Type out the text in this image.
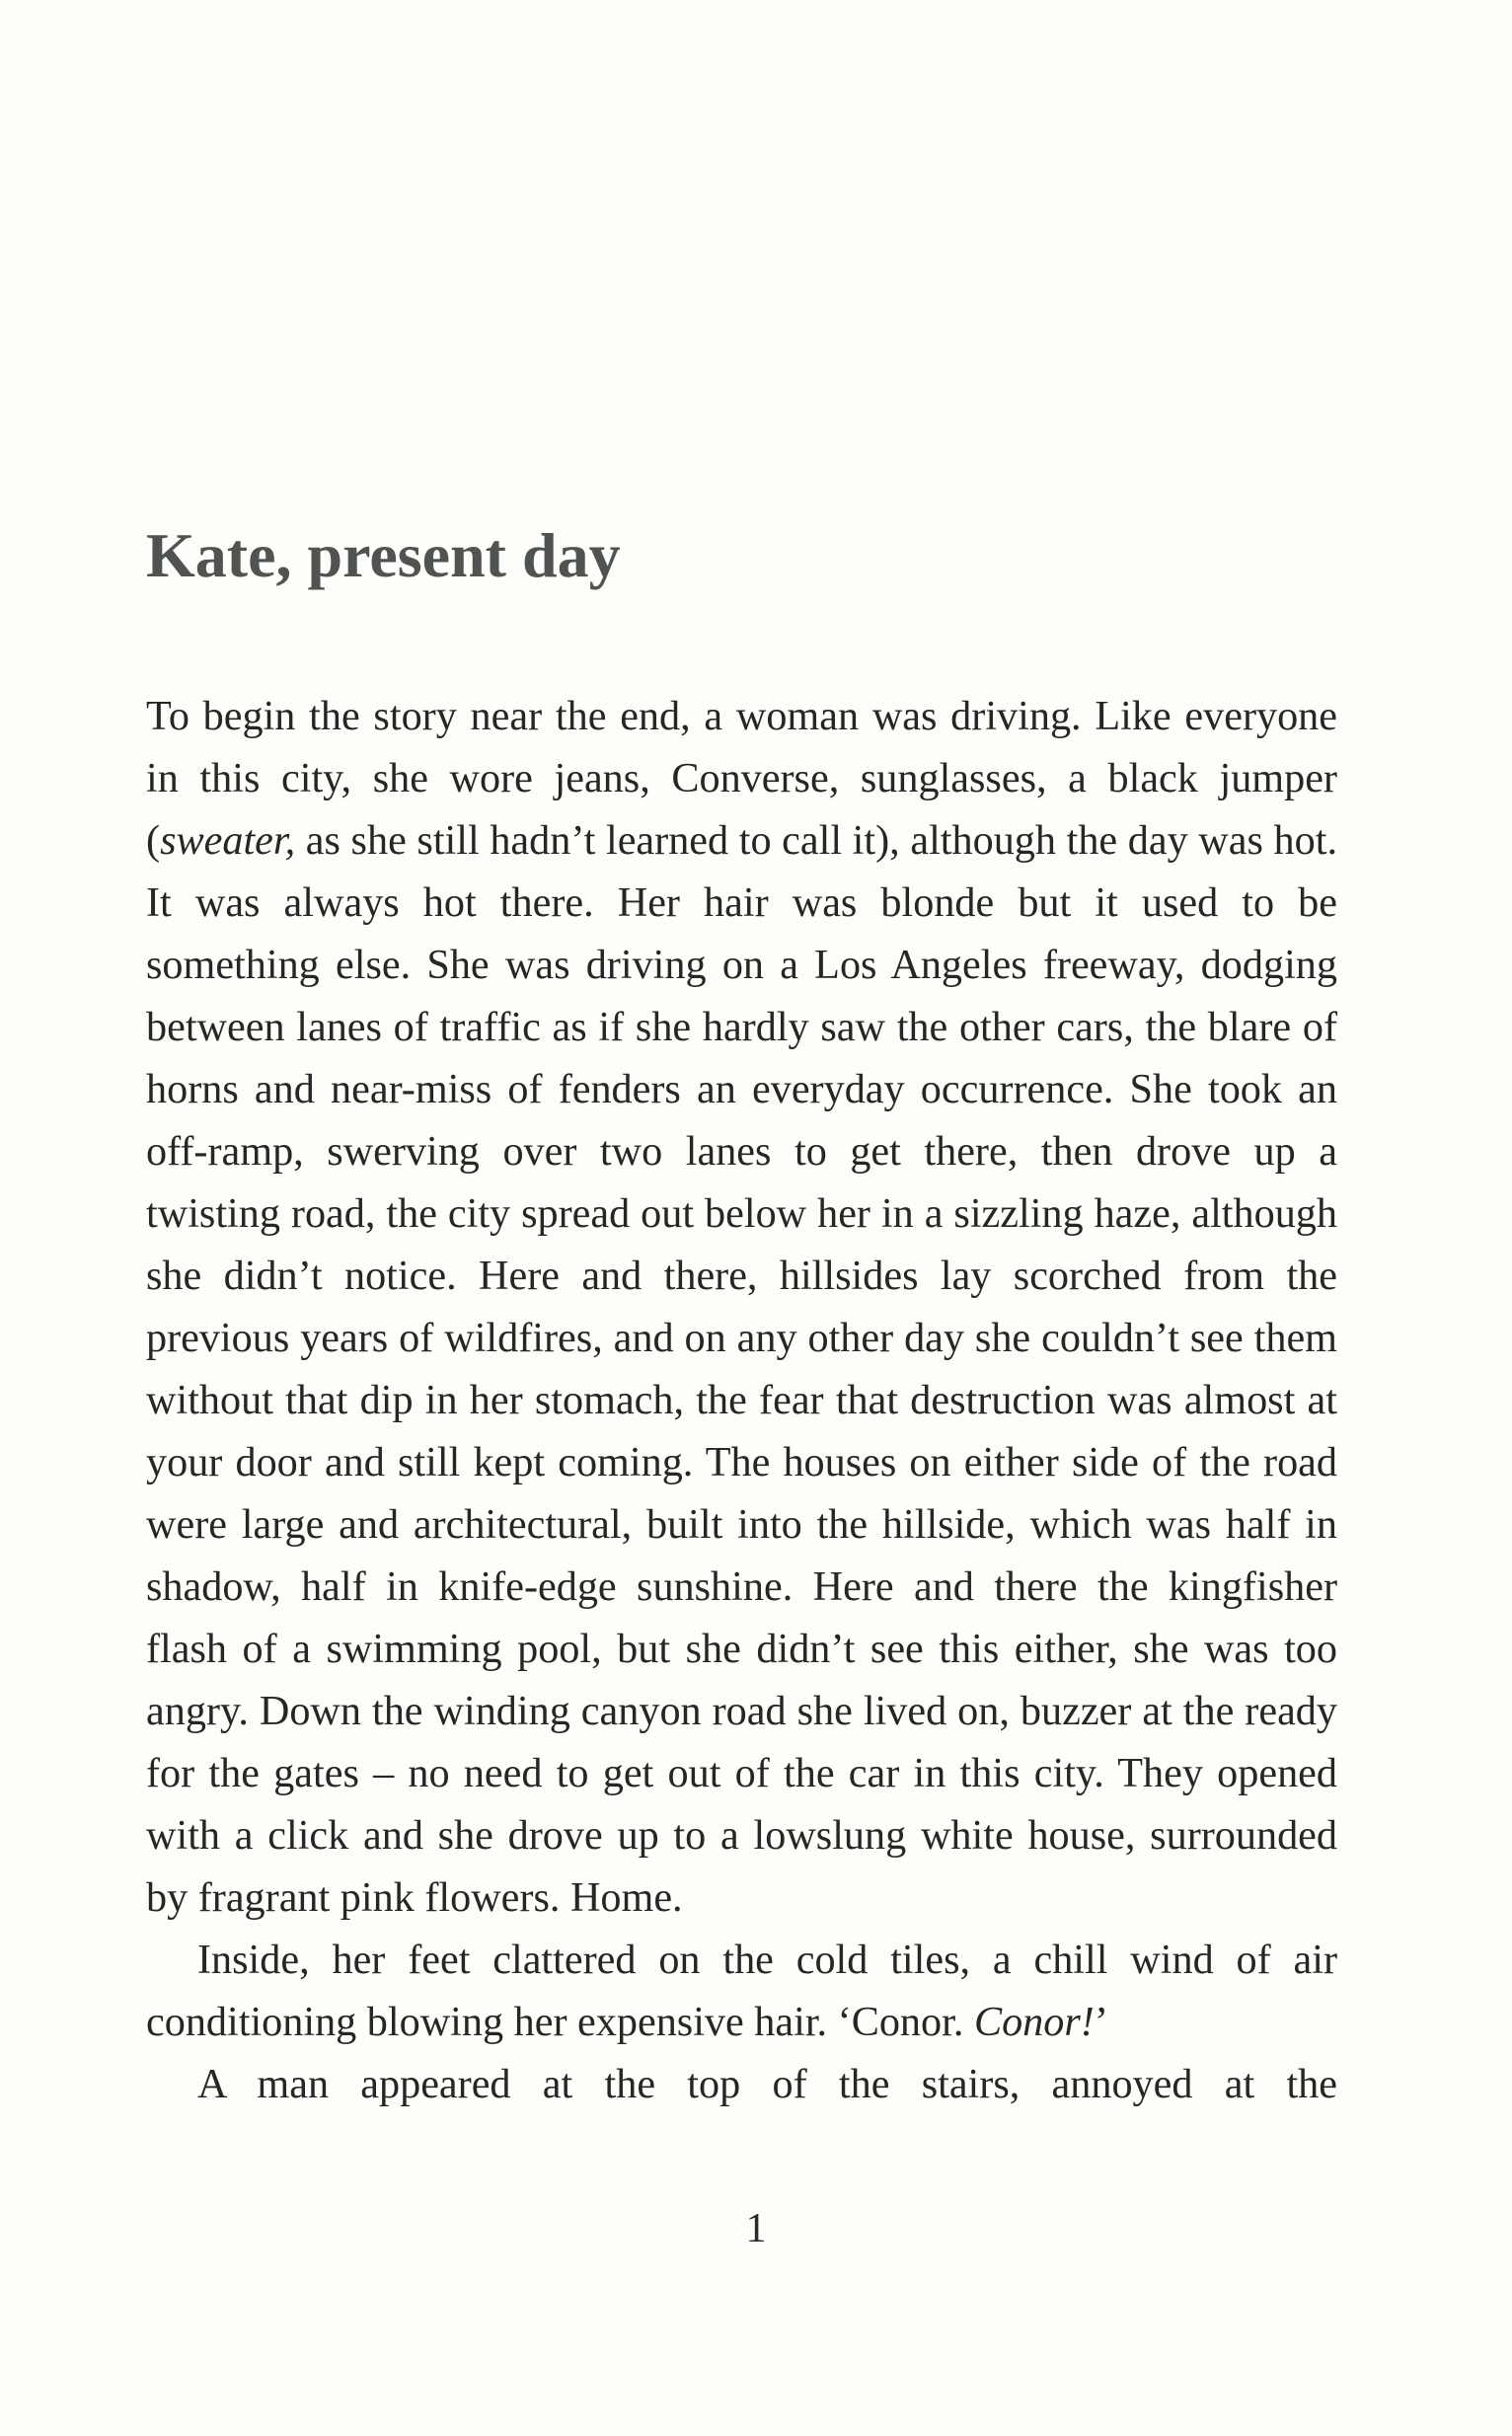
Kate, present day

To begin the story near the end, a woman was driving. Like everyone in this city, she wore jeans, Converse, sunglasses, a black jumper (sweater, as she still hadn’t learned to call it), although the day was hot. It was always hot there. Her hair was blonde but it used to be something else. She was driving on a Los Angeles freeway, dodging between lanes of traffic as if she hardly saw the other cars, the blare of horns and near-miss of fenders an everyday occurrence. She took an off-ramp, swerving over two lanes to get there, then drove up a twisting road, the city spread out below her in a sizzling haze, although she didn’t notice. Here and there, hillsides lay scorched from the previous years of wildfires, and on any other day she couldn’t see them without that dip in her stomach, the fear that destruction was almost at your door and still kept coming. The houses on either side of the road were large and architectural, built into the hillside, which was half in shadow, half in knife-edge sunshine. Here and there the kingfisher flash of a swimming pool, but she didn’t see this either, she was too angry. Down the winding canyon road she lived on, buzzer at the ready for the gates – no need to get out of the car in this city. They opened with a click and she drove up to a lowslung white house, surrounded by fragrant pink flowers. Home.

Inside, her feet clattered on the cold tiles, a chill wind of air conditioning blowing her expensive hair. ‘Conor. Conor!’

A man appeared at the top of the stairs, annoyed at the

1
